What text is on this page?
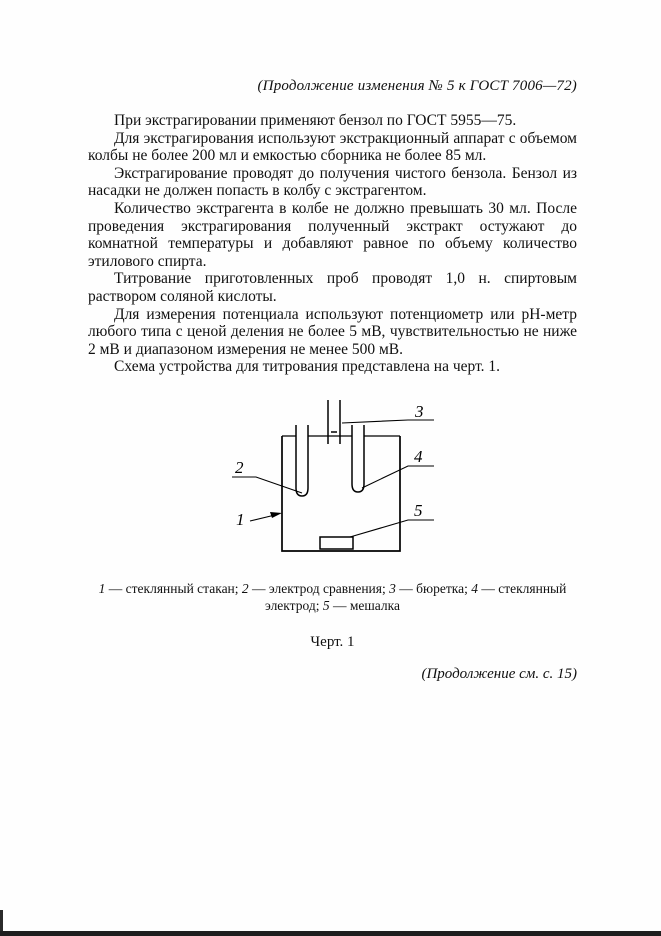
(Продолжение изменения № 5 к ГОСТ 7006—72)

При экстрагировании применяют бензол по ГОСТ 5955—75.

Для экстрагирования используют экстракционный аппарат с объемом колбы не более 200 мл и емкостью сборника не более 85 мл.

Экстрагирование проводят до получения чистого бензола. Бензол из насадки не должен попасть в колбу с экстрагентом.

Количество экстрагента в колбе не должно превышать 30 мл. После проведения экстрагирования полученный экстракт остужают до комнатной температуры и добавляют равное по объему количество этилового спирта.

Титрование приготовленных проб проводят 1,0 н. спиртовым раствором соляной кислоты.

Для измерения потенциала используют потенциометр или рН-метр любого типа с ценой деления не более 5 мВ, чувствительностью не ниже 2 мВ и диапазоном измерения не менее 500 мВ.

Схема устройства для титрования представлена на черт. 1.

3
2
4
1	5
1 — стеклянный стакан; 2 — электрод сравнения; 3 — бюретка; 4 — стеклянный электрод; 5 — мешалка
Черт. 1
(Продолжение см. с. 15)
